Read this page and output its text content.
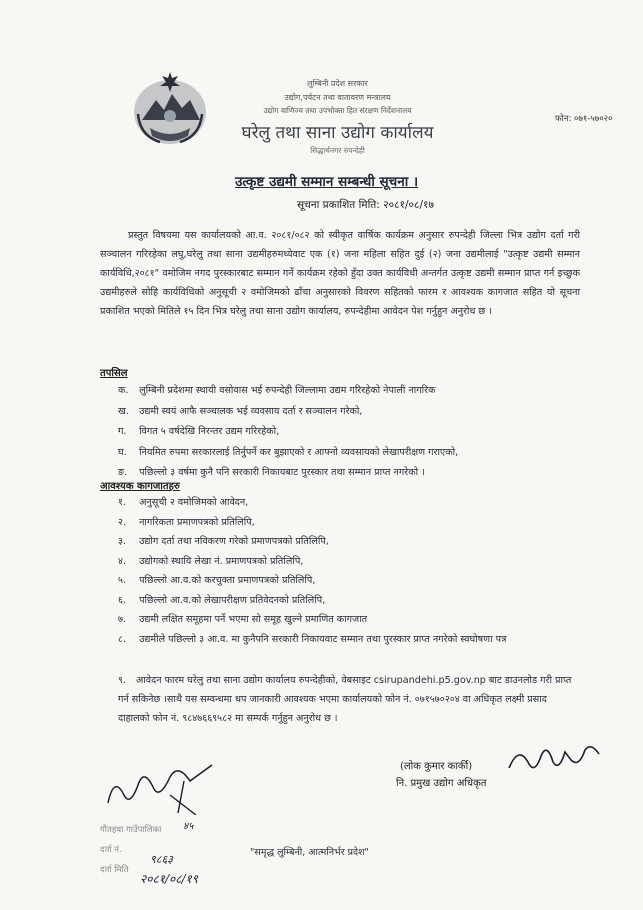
लुम्बिनी प्रदेश सरकार
उद्योग,पर्यटन तथा वातावरण मन्त्रालय
उद्योग वाणिज्य तथा उपभोक्ता हित संरक्षण निर्देशनालय
घरेलु तथा साना उद्योग कार्यालय
सिद्धार्थनगर रुपन्देही
फोन: ०७१-५७०२०
उत्कृष्ट उद्यमी सम्मान सम्बन्धी सूचना ।
सूचना प्रकाशित मिति: २०८१/०८/१७
प्रस्तुत विषयमा यस कार्यालयको आ.व. २०८१/०८२ को स्वीकृत वार्षिक कार्यक्रम अनुसार रुपन्देही जिल्ला भित्र उद्योग दर्ता गरी सञ्चालन गरिरहेका लघु,घरेलु तथा साना उद्यमीहरुमध्येवाट एक (१) जना महिला सहित दुई (२) जना उद्यमीलाई "उत्कृष्ट उद्यमी सम्मान कार्यविधि,२०८१" वमोजिम नगद पुरस्कारबाट सम्मान गर्ने कार्यक्रम रहेको हुँदा उक्त कार्यविधी अन्तर्गत उत्कृष्ट उद्यमी सम्मान प्राप्त गर्न इच्छुक उद्यमीहरुले सोहि कार्यविधिको अनुसूची २ वमोजिमको ढाँचा अनुसारको विवरण सहितको फारम र आवश्यक कागजात सहित यो सूचना प्रकाशित भएको मितिले १५ दिन भित्र घरेलु तथा साना उद्योग कार्यालय, रुपन्देहीमा आवेदन पेश गर्नुहुन अनुरोध छ ।
तपसिल
क. लुम्बिनी प्रदेशमा स्थायी वसोवास भई रुपन्देही जिल्लामा उद्यम गरिरहेको नेपाली नागरिक
ख. उद्यमी स्वयं आफै सञ्चालक भई व्यवसाय दर्ता र सञ्चालन गरेको,
ग. विगत ५ वर्षदेखि निरन्तर उद्यम गरिरहेको,
घ. नियमित रुपमा सरकारलाई तिर्नुपर्ने कर बुझाएको र आफ्नो व्यवसायको लेखापरीक्षण गराएको,
ङ. पछिल्लो ३ वर्षमा कुनै पनि सरकारी निकायबाट पुरस्कार तथा सम्मान प्राप्त नगरेको ।
आवश्यक कागजातहरु
१. अनुसूची २ वमोजिमको आवेदन,
२. नागरिकता प्रमाणपत्रको प्रतिलिपि,
३. उद्योग दर्ता तथा नविकरण गरेको प्रमाणपत्रको प्रतिलिपि,
४. उद्योगको स्थायि लेखा नं. प्रमाणपत्रको प्रतिलिपि,
५. पछिल्लो आ.व.को करचुक्ता प्रमाणपत्रको प्रतिलिपि,
६. पछिल्लो आ.व.को लेखापरीक्षण प्रतिवेदनको प्रतिलिपि,
७. उद्यमी लक्षित समूहमा पर्ने भएमा सो समूह खुल्ने प्रमाणित कागजात
८. उद्यमीले पछिल्लो ३ आ.व. मा कुनैपनि सरकारी निकायवाट सम्मान तथा पुरस्कार प्राप्त नगरेको स्वघोषणा पत्र
९. आवेदन फारम घरेलु तथा साना उद्योग कार्यालय रुपन्देहीको, वेबसाइट csirupandehi.p5.gov.np बाट डाउनलोड गरी प्राप्त गर्न सकिनेछ ।साथै यस सम्वन्धमा थप जानकारी आवश्यक भएमा कार्यालयको फोन नं. ०७१५७०२०४ वा अधिकृत लक्ष्मी प्रसाद दाहालको फोन नं. ९८४७६६९५८२ मा सम्पर्क गर्नुहुन अनुरोध छ ।
(लोक कुमार कार्की)
नि. प्रमुख उद्योग अधिकृत
गौतहवा गाउँपालिका
दर्ता नं.
दर्ता मिति
४५
९८६३
२०८१/०८/१९
"समृद्ध लुम्बिनी, आत्मनिर्भर प्रदेश"
